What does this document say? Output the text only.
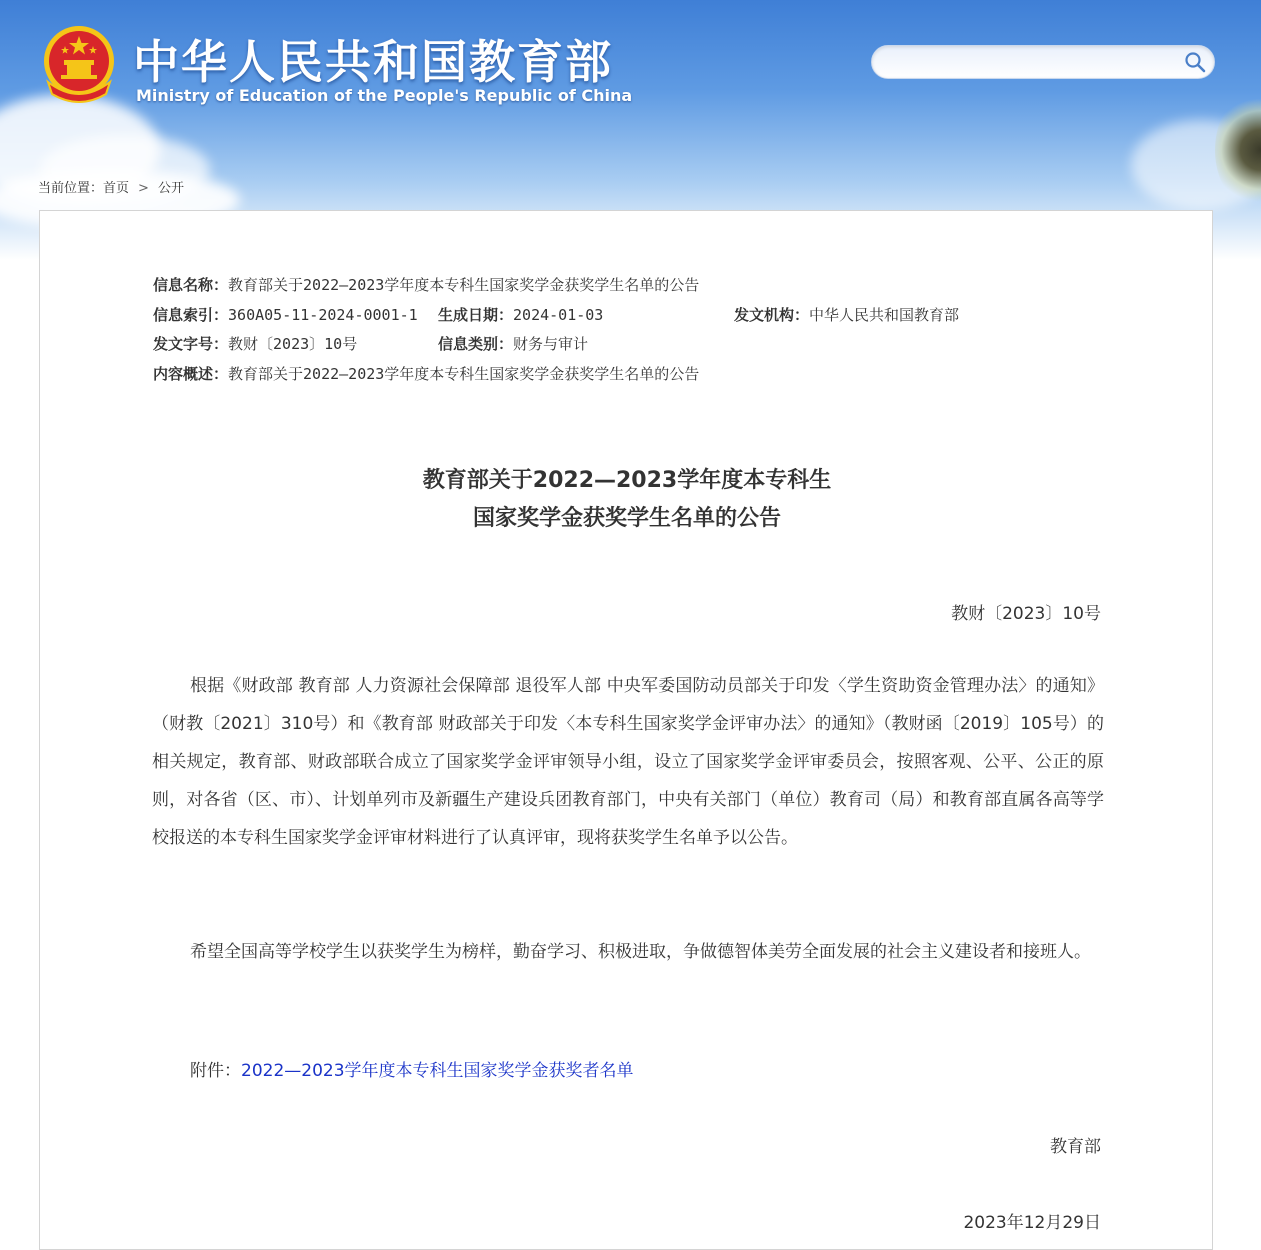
中华人民共和国教育部
Ministry of Education of the People's Republic of China
当前位置：首页 > 公开
信息名称：教育部关于2022—2023学年度本专科生国家奖学金获奖学生名单的公告
信息索引：360A05-11-2024-0001-1 生成日期：2024-01-03	发文机构：中华人民共和国教育部
发文字号：教财〔2023〕10号	信息类别：财务与审计
内容概述：教育部关于2022—2023学年度本专科生国家奖学金获奖学生名单的公告
教育部关于2022—2023学年度本专科生
国家奖学金获奖学生名单的公告
教财〔2023〕10号

根据《财政部 教育部 人力资源社会保障部 退役军人部 中央军委国防动员部关于印发〈学生资助资金管理办法〉的通知》（财教〔2021〕310号）和《教育部 财政部关于印发〈本专科生国家奖学金评审办法〉的通知》（教财函〔2019〕105号）的相关规定，教育部、财政部联合成立了国家奖学金评审领导小组，设立了国家奖学金评审委员会，按照客观、公平、公正的原则，对各省（区、市）、计划单列市及新疆生产建设兵团教育部门，中央有关部门（单位）教育司（局）和教育部直属各高等学校报送的本专科生国家奖学金评审材料进行了认真评审，现将获奖学生名单予以公告。

希望全国高等学校学生以获奖学生为榜样，勤奋学习、积极进取，争做德智体美劳全面发展的社会主义建设者和接班人。

附件：2022—2023学年度本专科生国家奖学金获奖者名单
教育部
2023年12月29日
